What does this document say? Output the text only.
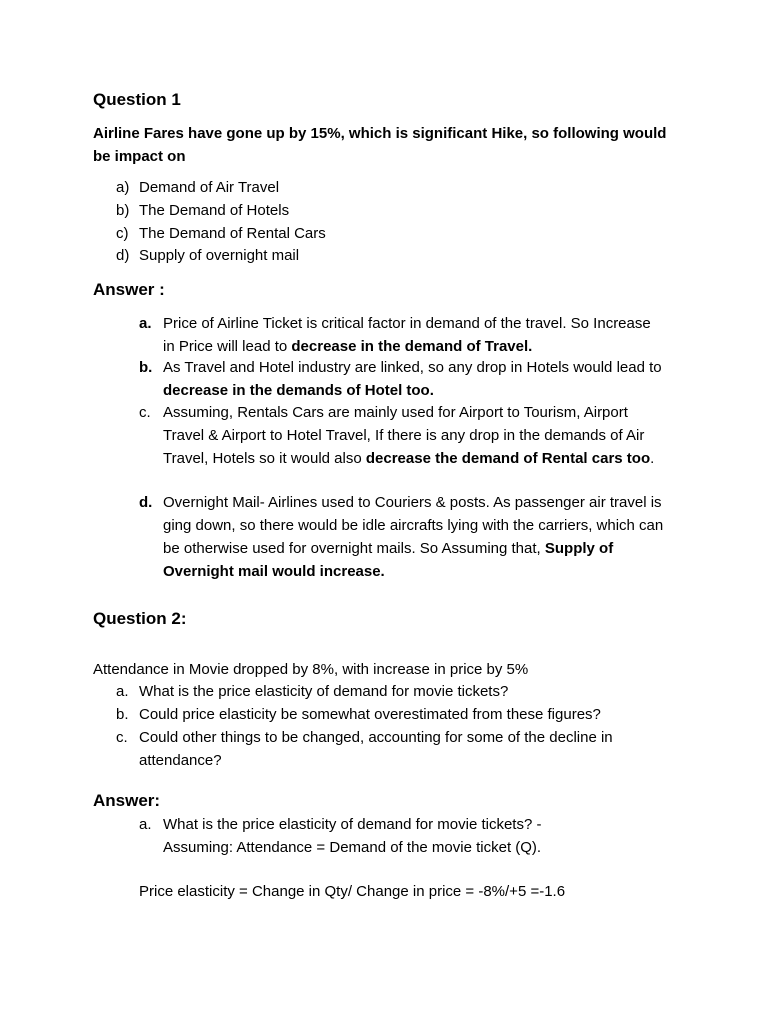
Question 1
Airline Fares have gone up by 15%, which is significant Hike, so following would be impact on
a) Demand of Air Travel
b) The Demand of Hotels
c) The Demand of Rental Cars
d) Supply of overnight mail
Answer :
a. Price of Airline Ticket is critical factor in demand of the travel. So Increase in Price will lead to decrease in the demand of Travel.
b. As Travel and Hotel industry are linked, so any drop in Hotels would lead to decrease in the demands of Hotel too.
c. Assuming, Rentals Cars are mainly used for Airport to Tourism, Airport Travel & Airport to Hotel Travel, If there is any drop in the demands of Air Travel, Hotels so it would also decrease the demand of Rental cars too.
d. Overnight Mail- Airlines used to Couriers & posts. As passenger air travel is ging down, so there would be idle aircrafts lying with the carriers, which can be otherwise used for overnight mails. So Assuming that, Supply of Overnight mail would increase.
Question 2:
Attendance in Movie dropped by 8%, with increase in price by 5%
a. What is the price elasticity of demand for movie tickets?
b. Could price elasticity be somewhat overestimated from these figures?
c. Could other things to be changed, accounting for some of the decline in attendance?
Answer:
a. What is the price elasticity of demand for movie tickets? - Assuming: Attendance = Demand of the movie ticket (Q).
Price elasticity = Change in Qty/ Change in price = -8%/+5 =-1.6
